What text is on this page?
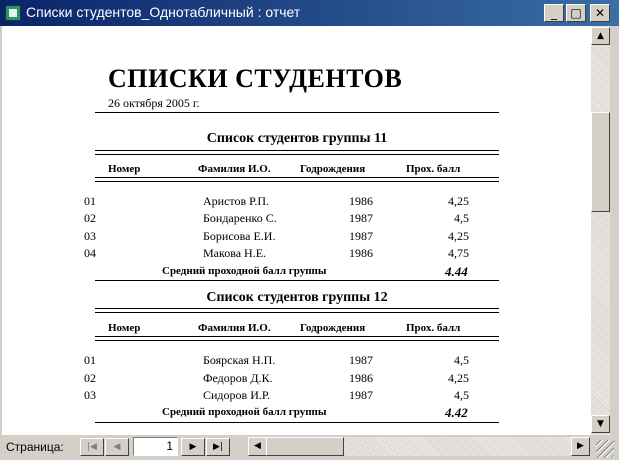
Списки студентов_Однотабличный : отчет	_	□	✕
СПИСКИ СТУДЕНТОВ
26 октября 2005 г.
Список студентов группы 11
Номер	Фамилия И.О.	Годрождения	Прох. балл
01	Аристов Р.П.	1986	4,25
02	Бондаренко С.	1987	4,5
03	Борисова Е.И.	1987	4,25
04	Макова Н.Е.	1986	4,75
Средний проходной балл группы	4.44
Список студентов группы 12
Номер	Фамилия И.О.	Годрождения	Прох. балл
01	Боярская Н.П.	1987	4,5
02	Федоров Д.К.	1986	4,25
03	Сидоров И.Р.	1987	4,5
Средний проходной балл группы	4.42
▲
▼
Страница:	|◀	◀	1	▶	▶|	◀	▶
